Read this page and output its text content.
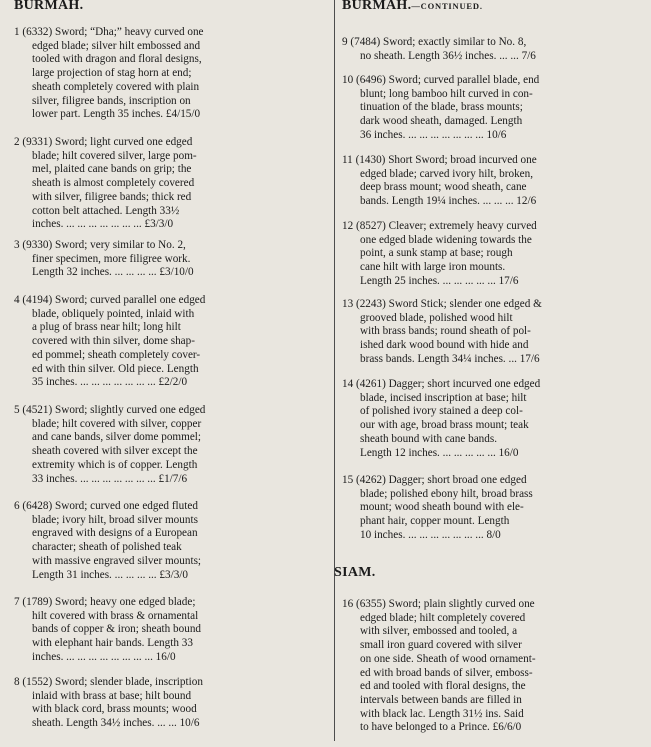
BURMAH.
1 (6332) Sword; “Dha;” heavy curved one
edged blade; silver hilt embossed and
tooled with dragon and floral designs,
large projection of stag horn at end;
sheath completely covered with plain
silver, filigree bands, inscription on
lower part. Length 35 inches. £4/15/0
2 (9331) Sword; light curved one edged
blade; hilt covered silver, large pom-
mel, plaited cane bands on grip; the
sheath is almost completely covered
with silver, filigree bands; thick red
cotton belt attached. Length 33½
inches. ... ... ... ... ... ... ... £3/3/0
3 (9330) Sword; very similar to No. 2,
finer specimen, more filigree work.
Length 32 inches. ... ... ... ... £3/10/0
4 (4194) Sword; curved parallel one edged
blade, obliquely pointed, inlaid with
a plug of brass near hilt; long hilt
covered with thin silver, dome shap-
ed pommel; sheath completely cover-
ed with thin silver. Old piece. Length
35 inches. ... ... ... ... ... ... ... £2/2/0
5 (4521) Sword; slightly curved one edged
blade; hilt covered with silver, copper
and cane bands, silver dome pommel;
sheath covered with silver except the
extremity which is of copper. Length
33 inches. ... ... ... ... ... ... ... £1/7/6
6 (6428) Sword; curved one edged fluted
blade; ivory hilt, broad silver mounts
engraved with designs of a European
character; sheath of polished teak
with massive engraved silver mounts;
Length 31 inches. ... ... ... ... £3/3/0
7 (1789) Sword; heavy one edged blade;
hilt covered with brass & ornamental
bands of copper & iron; sheath bound
with elephant hair bands. Length 33
inches. ... ... ... ... ... ... ... ... 16/0
8 (1552) Sword; slender blade, inscription
inlaid with brass at base; hilt bound
with black cord, brass mounts; wood
sheath. Length 34½ inches. ... ... 10/6
BURMAH.—CONTINUED.
9 (7484) Sword; exactly similar to No. 8,
no sheath. Length 36½ inches. ... ... 7/6
10 (6496) Sword; curved parallel blade, end
blunt; long bamboo hilt curved in con-
tinuation of the blade, brass mounts;
dark wood sheath, damaged. Length
36 inches. ... ... ... ... ... ... ... 10/6
11 (1430) Short Sword; broad incurved one
edged blade; carved ivory hilt, broken,
deep brass mount; wood sheath, cane
bands. Length 19¼ inches. ... ... ... 12/6
12 (8527) Cleaver; extremely heavy curved
one edged blade widening towards the
point, a sunk stamp at base; rough
cane hilt with large iron mounts.
Length 25 inches. ... ... ... ... ... 17/6
13 (2243) Sword Stick; slender one edged &
grooved blade, polished wood hilt
with brass bands; round sheath of pol-
ished dark wood bound with hide and
brass bands. Length 34¼ inches. ... 17/6
14 (4261) Dagger; short incurved one edged
blade, incised inscription at base; hilt
of polished ivory stained a deep col-
our with age, broad brass mount; teak
sheath bound with cane bands.
Length 12 inches. ... ... ... ... ... 16/0
15 (4262) Dagger; short broad one edged
blade; polished ebony hilt, broad brass
mount; wood sheath bound with ele-
phant hair, copper mount. Length
10 inches. ... ... ... ... ... ... ... 8/0
SIAM.
16 (6355) Sword; plain slightly curved one
edged blade; hilt completely covered
with silver, embossed and tooled, a
small iron guard covered with silver
on one side. Sheath of wood ornament-
ed with broad bands of silver, emboss-
ed and tooled with floral designs, the
intervals between bands are filled in
with black lac. Length 31½ ins. Said
to have belonged to a Prince. £6/6/0
